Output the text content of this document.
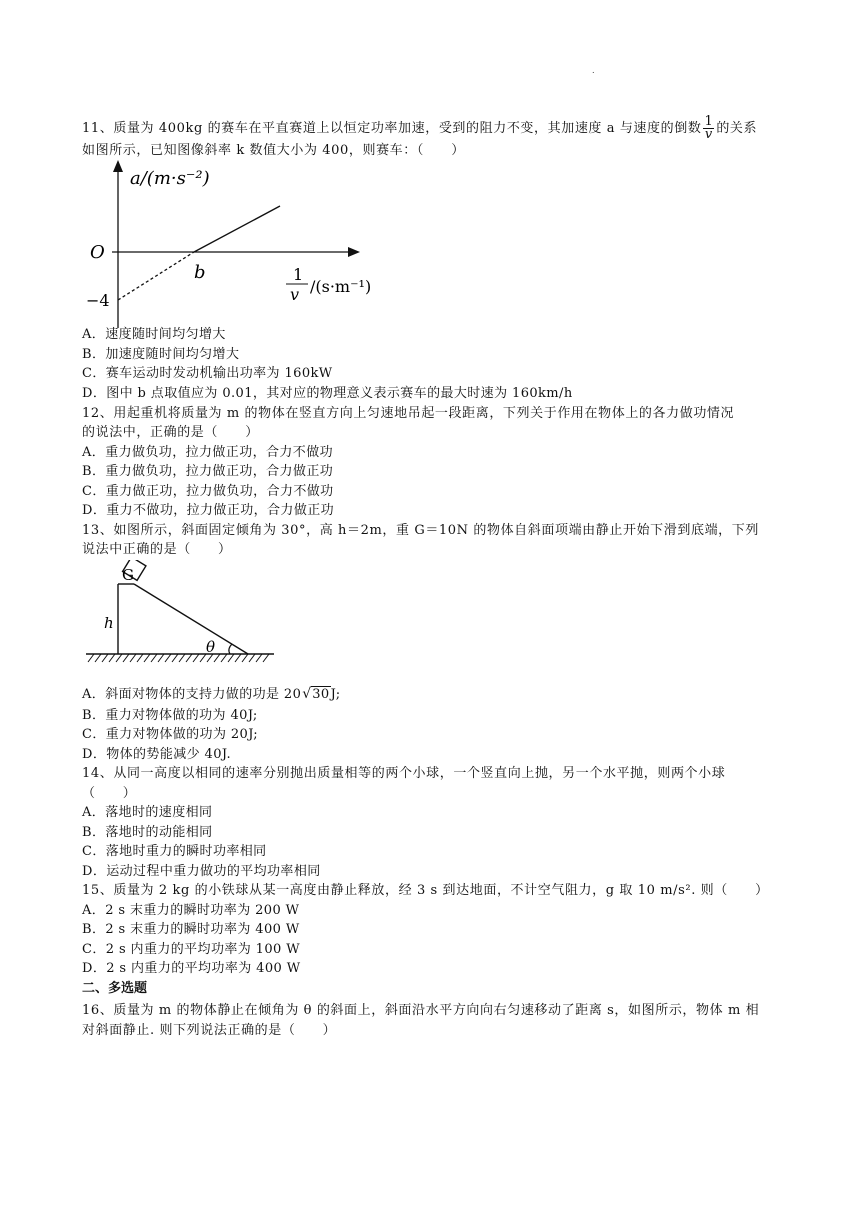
.
11、质量为 400kg 的赛车在平直赛道上以恒定功率加速，受到的阻力不变，其加速度 a 与速度的倒数 $\frac{1}{v}$ 的关系
如图所示，已知图像斜率 k 数值大小为 400，则赛车：（　　）
a/(m·s⁻²)
O
−4
b	1
v /(s·m⁻¹)
A．速度随时间均匀增大
B．加速度随时间均匀增大
C．赛车运动时发动机输出功率为 160kW
D．图中 b 点取值应为 0.01，其对应的物理意义表示赛车的最大时速为 160km/h
12、用起重机将质量为 m 的物体在竖直方向上匀速地吊起一段距离，下列关于作用在物体上的各力做功情况
的说法中，正确的是（　　）
A．重力做负功，拉力做正功，合力不做功
B．重力做负功，拉力做正功，合力做正功
C．重力做正功，拉力做负功，合力不做功
D．重力不做功，拉力做正功，合力做正功
13、如图所示，斜面固定倾角为 30°，高 h＝2m，重 G＝10N 的物体自斜面项端由静止开始下滑到底端，下列
说法中正确的是（　　）
G
h
θ
A．斜面对物体的支持力做的功是 20 √ 30J;
B．重力对物体做的功为 40J;
C．重力对物体做的功为 20J;
D．物体的势能减少 40J.
14、从同一高度以相同的速率分别抛出质量相等的两个小球，一个竖直向上抛，另一个水平抛，则两个小球
（　　）
A．落地时的速度相同
B．落地时的动能相同
C．落地时重力的瞬时功率相同
D．运动过程中重力做功的平均功率相同
15、质量为 2 kg 的小铁球从某一高度由静止释放，经 3 s 到达地面，不计空气阻力，g 取 10 m/s². 则（　　）
A．2 s 末重力的瞬时功率为 200 W
B．2 s 末重力的瞬时功率为 400 W
C．2 s 内重力的平均功率为 100 W
D．2 s 内重力的平均功率为 400 W
二、多选题
16、质量为 m 的物体静止在倾角为 θ 的斜面上，斜面沿水平方向向右匀速移动了距离 s，如图所示，物体 m 相
对斜面静止. 则下列说法正确的是（　　）
